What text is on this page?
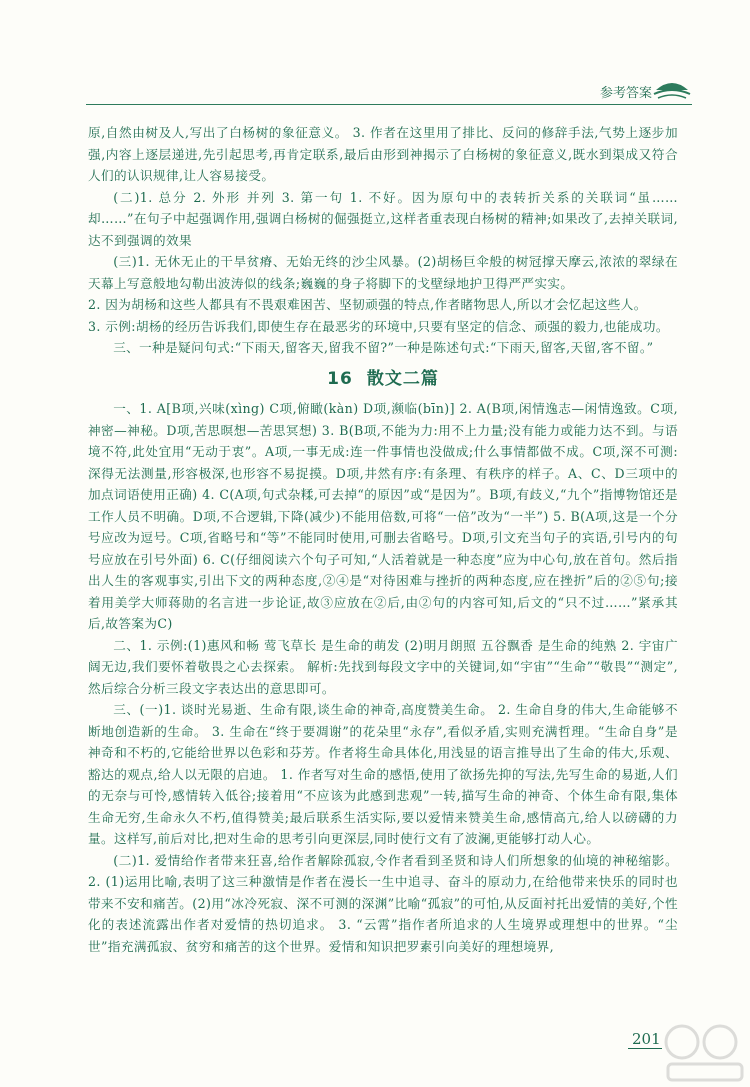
参考答案

原,自然由树及人,写出了白杨树的象征意义。 3. 作者在这里用了排比、反问的修辞手法,气势上逐步加强,内容上逐层递进,先引起思考,再肯定联系,最后由形到神揭示了白杨树的象征意义,既水到渠成又符合人们的认识规律,让人容易接受。

(二)1. 总分 2. 外形 并列 3. 第一句 1. 不好。因为原句中的表转折关系的关联词“虽……却……”在句子中起强调作用,强调白杨树的倔强挺立,这样者重表现白杨树的精神;如果改了,去掉关联词,达不到强调的效果

(三)1. 无休无止的干旱贫瘠、无始无终的沙尘风暴。(2)胡杨巨伞般的树冠撑天摩云,浓浓的翠绿在天幕上写意般地勾勒出波涛似的线条;巍巍的身子将脚下的戈壁绿地护卫得严严实实。

2. 因为胡杨和这些人都具有不畏艰难困苦、坚韧顽强的特点,作者睹物思人,所以才会忆起这些人。

3. 示例:胡杨的经历告诉我们,即使生存在最恶劣的环境中,只要有坚定的信念、顽强的毅力,也能成功。

三、一种是疑问句式:“下雨天,留客天,留我不留?”一种是陈述句式:“下雨天,留客,天留,客不留。”

16 散文二篇

一、1. A[B项,兴味(xìng) C项,俯瞰(kàn) D项,濒临(bīn)] 2. A(B项,闲情逸志—闲情逸致。C项,神密—神秘。D项,苦思暝想—苦思冥想) 3. B(B项,不能为力:用不上力量;没有能力或能力达不到。与语境不符,此处宜用“无动于衷”。A项,一事无成:连一件事情也没做成;什么事情都做不成。C项,深不可测:深得无法测量,形容极深,也形容不易捉摸。D项,井然有序:有条理、有秩序的样子。A、C、D三项中的加点词语使用正确) 4. C(A项,句式杂糅,可去掉“的原因”或“是因为”。B项,有歧义,“九个”指博物馆还是工作人员不明确。D项,不合逻辑,下降(减少)不能用倍数,可将“一倍”改为“一半”) 5. B(A项,这是一个分号应改为逗号。C项,省略号和“等”不能同时使用,可删去省略号。D项,引文充当句子的宾语,引号内的句号应放在引号外面) 6. C(仔细阅读六个句子可知,“人活着就是一种态度”应为中心句,放在首句。然后指出人生的客观事实,引出下文的两种态度,②④是“对待困难与挫折的两种态度,应在挫折”后的②⑤句;接着用美学大师蒋勋的名言进一步论证,故③应放在②后,由②句的内容可知,后文的“只不过……”紧承其后,故答案为C)

二、1. 示例:(1)惠风和畅 莺飞草长 是生命的萌发 (2)明月朗照 五谷飘香 是生命的纯熟 2. 宇宙广阔无边,我们要怀着敬畏之心去探索。 解析:先找到每段文字中的关键词,如“宇宙”“生命”“敬畏”“测定”,然后综合分析三段文字表达出的意思即可。

三、(一)1. 谈时光易逝、生命有限,谈生命的神奇,高度赞美生命。 2. 生命自身的伟大,生命能够不断地创造新的生命。 3. 生命在“终于要凋谢”的花朵里“永存”,看似矛盾,实则充满哲理。“生命自身”是神奇和不朽的,它能给世界以色彩和芬芳。作者将生命具体化,用浅显的语言推导出了生命的伟大,乐观、豁达的观点,给人以无限的启迪。 1. 作者写对生命的感悟,使用了欲扬先抑的写法,先写生命的易逝,人们的无奈与可怜,感情转入低谷;接着用“不应该为此感到悲观”一转,描写生命的神奇、个体生命有限,集体生命无穷,生命永久不朽,值得赞美;最后联系生活实际,要以爱情来赞美生命,感情高亢,给人以磅礴的力量。这样写,前后对比,把对生命的思考引向更深层,同时使行文有了波澜,更能够打动人心。

(二)1. 爱情给作者带来狂喜,给作者解除孤寂,令作者看到圣贤和诗人们所想象的仙境的神秘缩影。 2. (1)运用比喻,表明了这三种激情是作者在漫长一生中追寻、奋斗的原动力,在给他带来快乐的同时也带来不安和痛苦。(2)用“冰冷死寂、深不可测的深渊”比喻“孤寂”的可怕,从反面衬托出爱情的美好,个性化的表述流露出作者对爱情的热切追求。 3. “云霄”指作者所追求的人生境界或理想中的世界。“尘世”指充满孤寂、贫穷和痛苦的这个世界。爱情和知识把罗素引向美好的理想境界,

201
